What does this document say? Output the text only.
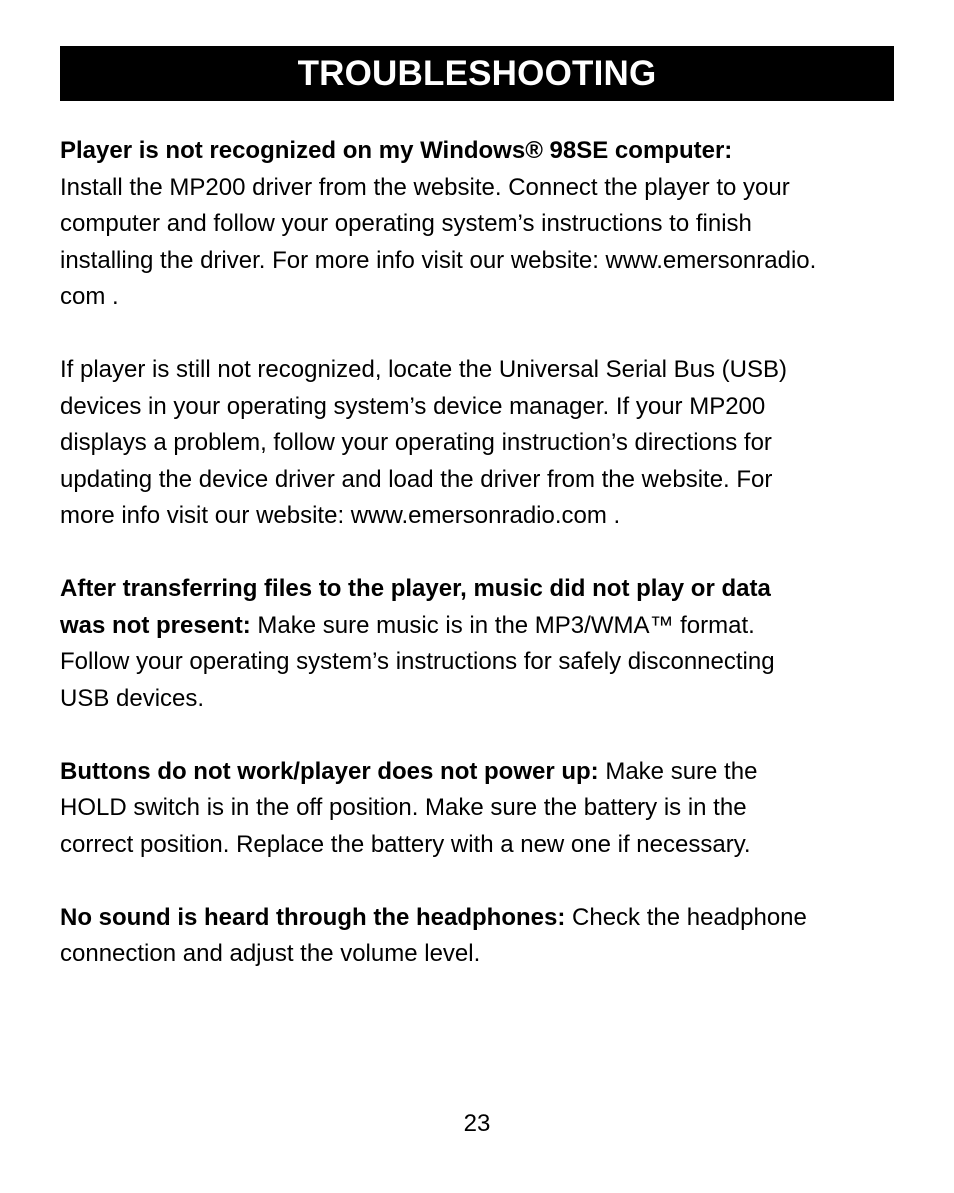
TROUBLESHOOTING
Player is not recognized on my Windows® 98SE computer:
Install the MP200 driver from the website. Connect the player to your
computer and follow your operating system’s instructions to finish
installing the driver. For more info visit our website: www.emersonradio.
com .
If player is still not recognized, locate the Universal Serial Bus (USB)
devices in your operating system’s device manager. If your MP200
displays a problem, follow your operating instruction’s directions for
updating the device driver and load the driver from the website. For
more info visit our website: www.emersonradio.com .
After transferring files to the player, music did not play or data
was not present: Make sure music is in the MP3/WMA™ format.
Follow your operating system’s instructions for safely disconnecting
USB devices.
Buttons do not work/player does not power up: Make sure the
HOLD switch is in the off position. Make sure the battery is in the
correct position. Replace the battery with a new one if necessary.
No sound is heard through the headphones: Check the headphone
connection and adjust the volume level.
23
